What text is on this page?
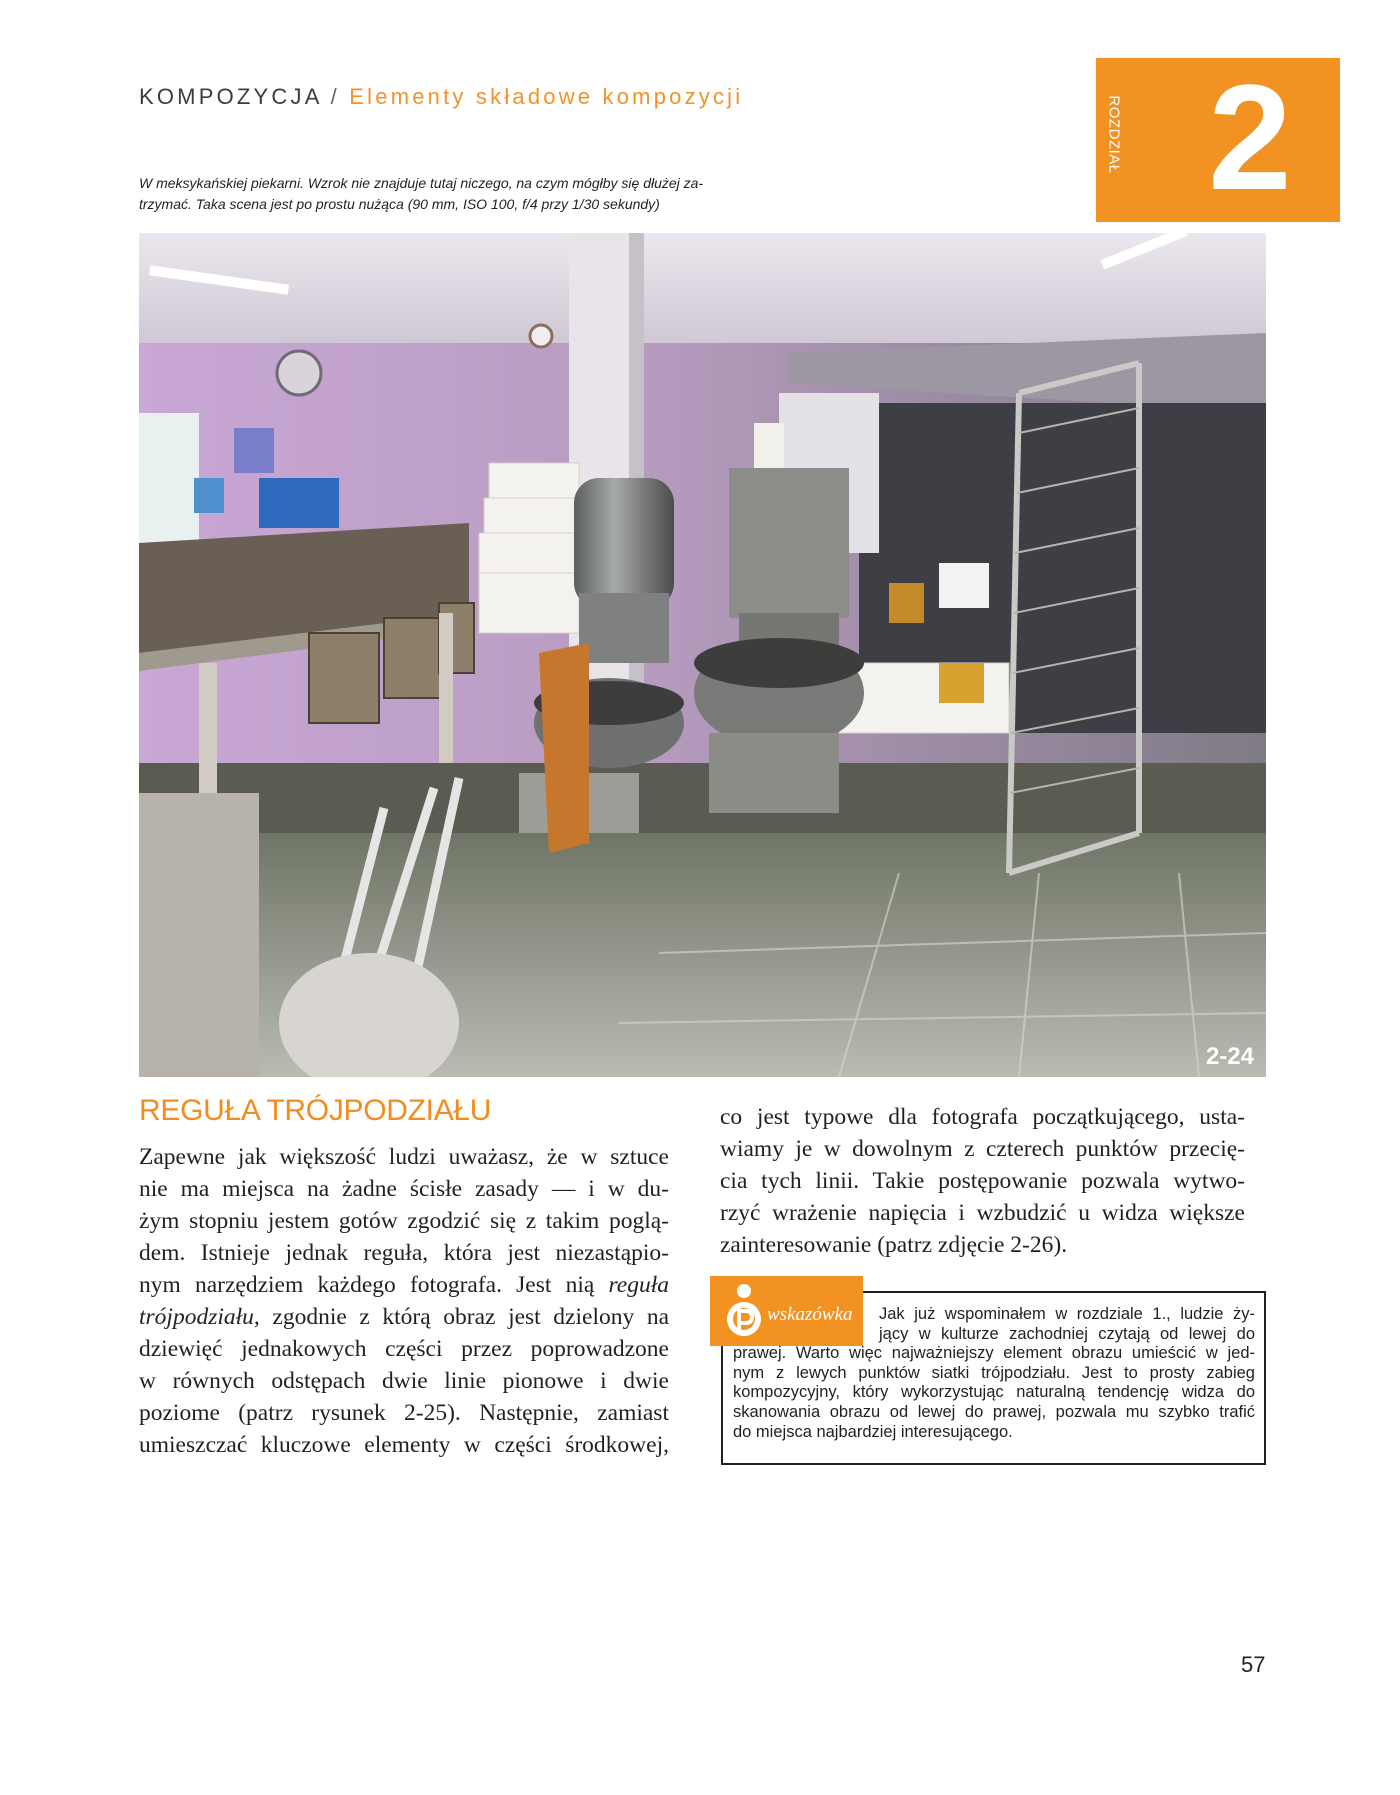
KOMPOZYCJA / Elementy składowe kompozycji	ROZDZIAŁ 2
W meksykańskiej piekarni. Wzrok nie znajduje tutaj niczego, na czym mógłby się dłużej za-
trzymać. Taka scena jest po prostu nużąca (90 mm, ISO 100, f/4 przy 1/30 sekundy)
2-24
REGUŁA TRÓJPODZIAŁU
Zapewne jak większość ludzi uważasz, że w sztuce
nie ma miejsca na żadne ścisłe zasady — i w du-
żym stopniu jestem gotów zgodzić się z takim poglą-
dem. Istnieje jednak reguła, która jest niezastąpio-
nym narzędziem każdego fotografa. Jest nią reguła
trójpodziału, zgodnie z którą obraz jest dzielony na
dziewięć jednakowych części przez poprowadzone
w równych odstępach dwie linie pionowe i dwie
poziome (patrz rysunek 2-25). Następnie, zamiast
umieszczać kluczowe elementy w części środkowej,
co jest typowe dla fotografa początkującego, usta-
wiamy je w dowolnym z czterech punktów przecię-
cia tych linii. Takie postępowanie pozwala wytwo-
rzyć wrażenie napięcia i wzbudzić u widza większe
zainteresowanie (patrz zdjęcie 2-26).
wskazówka	Jak już wspominałem w rozdziale 1., ludzie ży-
jący w kulturze zachodniej czytają od lewej do
prawej. Warto więc najważniejszy element obrazu umieścić w jed-
nym z lewych punktów siatki trójpodziału. Jest to prosty zabieg
kompozycyjny, który wykorzystując naturalną tendencję widza do
skanowania obrazu od lewej do prawej, pozwala mu szybko trafić
do miejsca najbardziej interesującego.
57
